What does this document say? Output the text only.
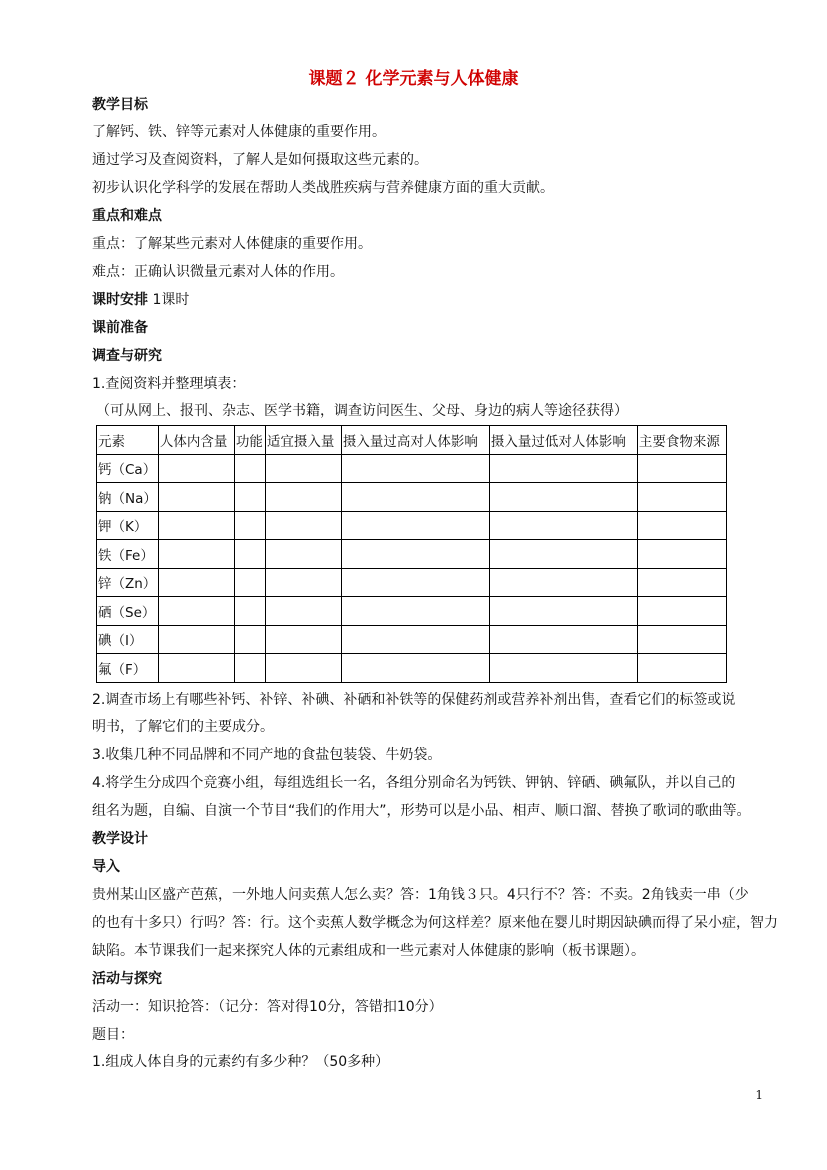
课题２ 化学元素与人体健康
教学目标
了解钙、铁、锌等元素对人体健康的重要作用。
通过学习及查阅资料，了解人是如何摄取这些元素的。
初步认识化学科学的发展在帮助人类战胜疾病与营养健康方面的重大贡献。
重点和难点
重点：了解某些元素对人体健康的重要作用。
难点：正确认识微量元素对人体的作用。
课时安排 1课时
课前准备
调查与研究
1.查阅资料并整理填表：
（可从网上、报刊、杂志、医学书籍，调查访问医生、父母、身边的病人等途径获得）
元素	人体内含量	功能	适宜摄入量	摄入量过高对人体影响	摄入量过低对人体影响	主要食物来源
钙（Ca）						
钠（Na）						
钾（K）						
铁（Fe）						
锌（Zn）						
硒（Se）						
碘（I）						
氟（F）						
2.调查市场上有哪些补钙、补锌、补碘、补硒和补铁等的保健药剂或营养补剂出售，查看它们的标签或说
明书，了解它们的主要成分。
3.收集几种不同品牌和不同产地的食盐包装袋、牛奶袋。
4.将学生分成四个竞赛小组，每组选组长一名，各组分别命名为钙铁、钾钠、锌硒、碘氟队，并以自己的
组名为题，自编、自演一个节目“我们的作用大”，形势可以是小品、相声、顺口溜、替换了歌词的歌曲等。
教学设计
导入
贵州某山区盛产芭蕉，一外地人问卖蕉人怎么卖？答：1角钱３只。4只行不？答：不卖。2角钱卖一串（少
的也有十多只）行吗？答：行。这个卖蕉人数学概念为何这样差？原来他在婴儿时期因缺碘而得了呆小症，智力
缺陷。本节课我们一起来探究人体的元素组成和一些元素对人体健康的影响（板书课题）。
活动与探究
活动一：知识抢答：（记分：答对得10分，答错扣10分）
题目：
1.组成人体自身的元素约有多少种？（50多种）
1
